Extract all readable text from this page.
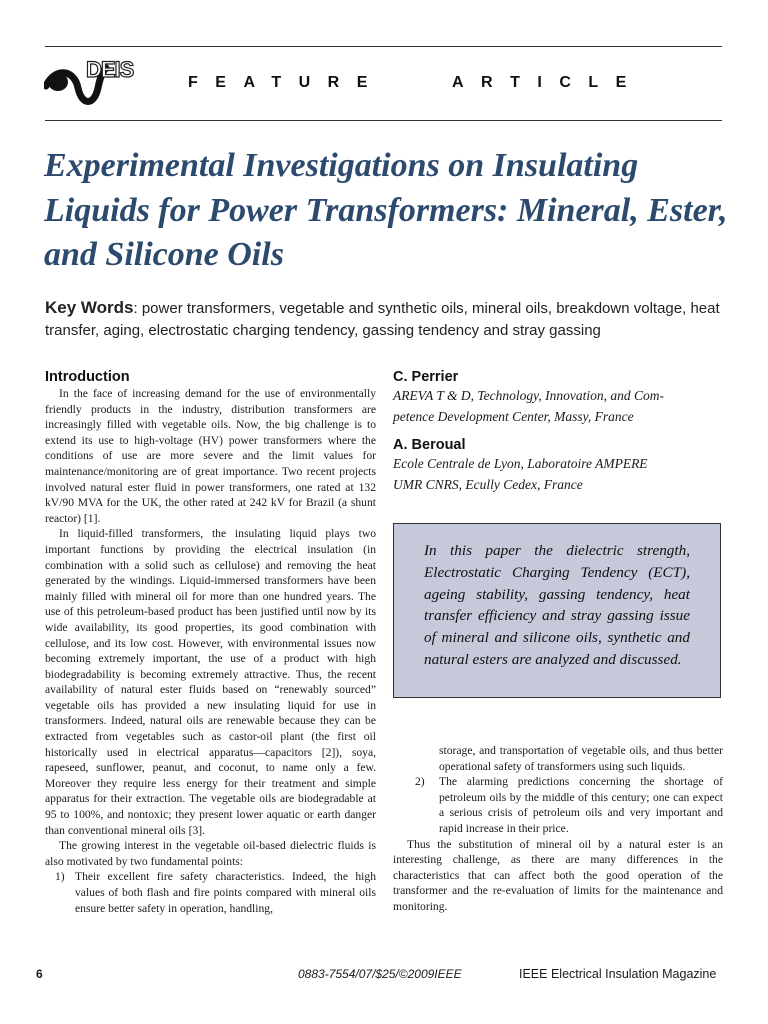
DEIS
FEATURE	ARTICLE
Experimental Investigations on Insulating Liquids for Power Transformers: Mineral, Ester, and Silicone Oils
Key Words: power transformers, vegetable and synthetic oils, mineral oils, breakdown voltage, heat transfer, aging, electrostatic charging tendency, gassing tendency and stray gassing
Introduction

In the face of increasing demand for the use of environmentally friendly products in the industry, distribution transformers are increasingly filled with vegetable oils. Now, the big challenge is to extend its use to high-voltage (HV) power transformers where the conditions of use are more severe and the limit values for maintenance/monitoring are of great importance. Two recent projects involved natural ester fluid in power transformers, one rated at 132 kV/90 MVA for the UK, the other rated at 242 kV for Brazil (a shunt reactor) [1].

In liquid-filled transformers, the insulating liquid plays two important functions by providing the electrical insulation (in combination with a solid such as cellulose) and removing the heat generated by the windings. Liquid-immersed transformers have been mainly filled with mineral oil for more than one hundred years. The use of this petroleum-based product has been justified until now by its wide availability, its good properties, its good combination with cellulose, and its low cost. However, with environmental issues now becoming extremely important, the use of a product with high biodegradability is becoming extremely attractive. Thus, the recent availability of natural ester fluids based on “renewably sourced” vegetable oils has provided a new insulating liquid for use in transformers. Indeed, natural oils are renewable because they can be extracted from vegetables such as castor-oil plant (the first oil historically used in electrical apparatus—capacitors [2]), soya, rapeseed, sunflower, peanut, and coconut, to name only a few. Moreover they require less energy for their treatment and simple apparatus for their extraction. The vegetable oils are biodegradable at 95 to 100%, and nontoxic; they present lower aquatic or earth danger than conventional mineral oils [3].

The growing interest in the vegetable oil-based dielectric fluids is also motivated by two fundamental points:

1) Their excellent fire safety characteristics. Indeed, the high values of both flash and fire points compared with mineral oils ensure better safety in operation, handling,
C. Perrier
AREVA T & D, Technology, Innovation, and Com-
petence Development Center, Massy, France
A. Beroual
Ecole Centrale de Lyon, Laboratoire AMPERE
UMR CNRS, Ecully Cedex, France
In this paper the dielectric strength, Electrostatic Charging Tendency (ECT), ageing stability, gassing tendency, heat transfer efficiency and stray gassing issue of mineral and silicone oils, synthetic and natural esters are analyzed and discussed.
storage, and transportation of vegetable oils, and thus better operational safety of transformers using such liquids.
2) The alarming predictions concerning the shortage of petroleum oils by the middle of this century; one can expect a serious crisis of petroleum oils and very important and rapid increase in their price.

Thus the substitution of mineral oil by a natural ester is an interesting challenge, as there are many differences in the characteristics that can affect both the good operation of the transformer and the re-evaluation of limits for the maintenance and monitoring.

6	0883-7554/07/$25/©2009IEEE	IEEE Electrical Insulation Magazine
